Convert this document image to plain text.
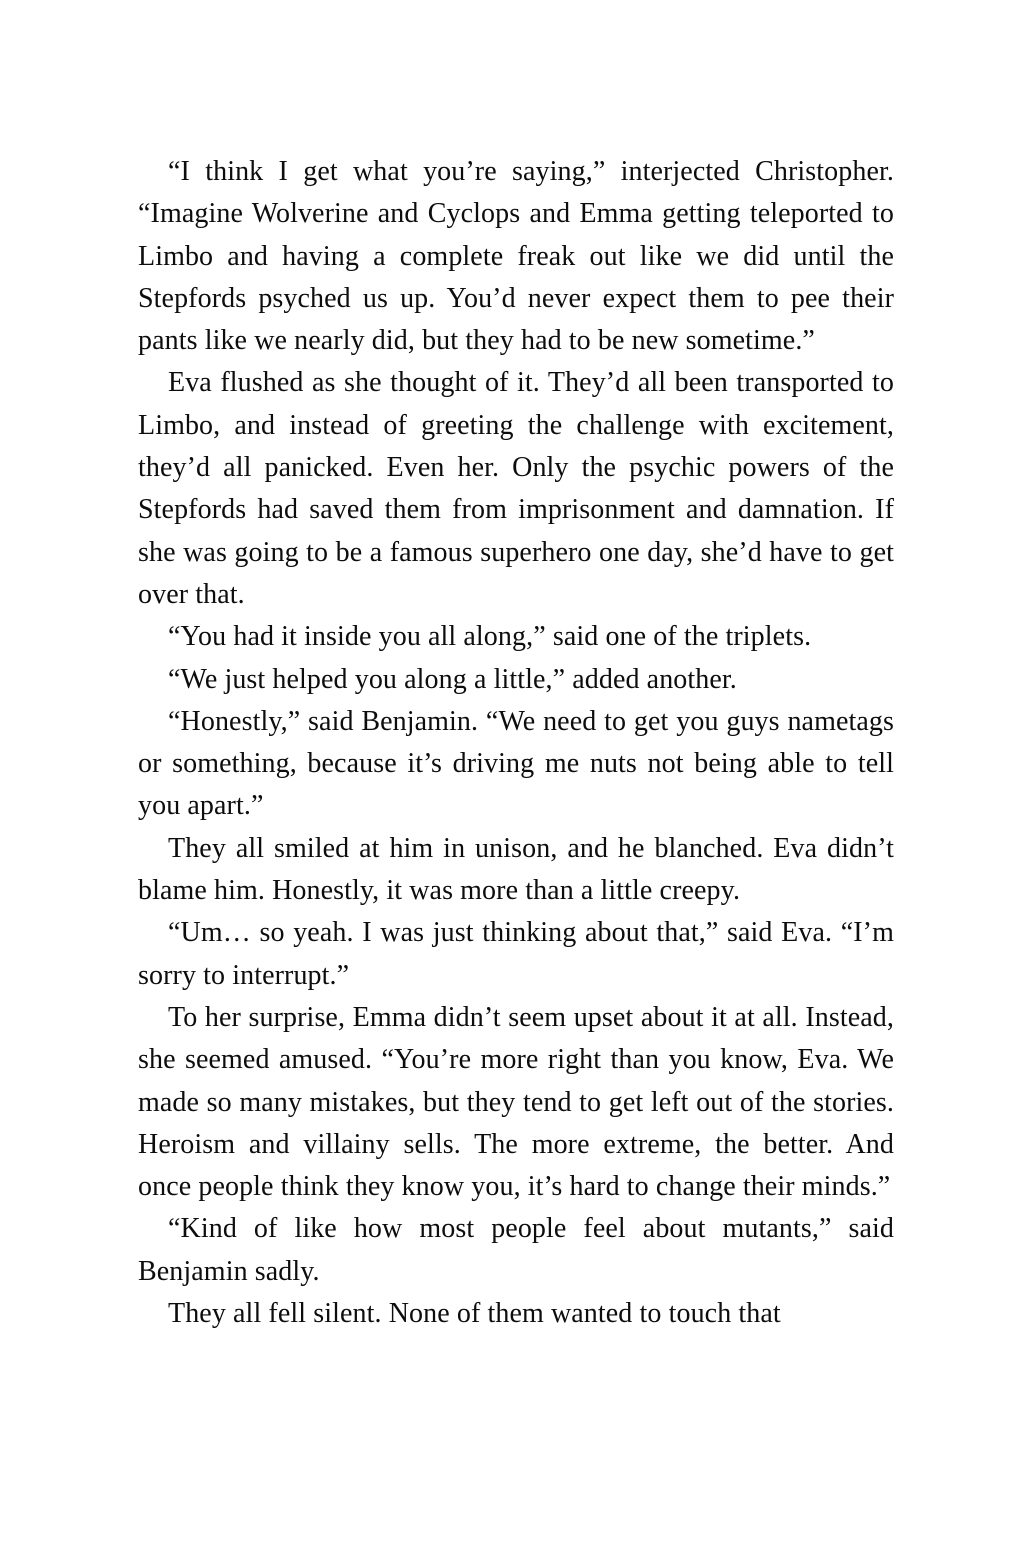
“I think I get what you’re saying,” interjected Christopher. “Imagine Wolverine and Cyclops and Emma getting teleported to Limbo and having a complete freak out like we did until the Stepfords psyched us up. You’d never expect them to pee their pants like we nearly did, but they had to be new sometime.”

Eva flushed as she thought of it. They’d all been transported to Limbo, and instead of greeting the challenge with excitement, they’d all panicked. Even her. Only the psychic powers of the Stepfords had saved them from imprisonment and damnation. If she was going to be a famous superhero one day, she’d have to get over that.

“You had it inside you all along,” said one of the triplets.

“We just helped you along a little,” added another.

“Honestly,” said Benjamin. “We need to get you guys nametags or something, because it’s driving me nuts not being able to tell you apart.”

They all smiled at him in unison, and he blanched. Eva didn’t blame him. Honestly, it was more than a little creepy.

“Um… so yeah. I was just thinking about that,” said Eva. “I’m sorry to interrupt.”

To her surprise, Emma didn’t seem upset about it at all. Instead, she seemed amused. “You’re more right than you know, Eva. We made so many mistakes, but they tend to get left out of the stories. Heroism and villainy sells. The more extreme, the better. And once people think they know you, it’s hard to change their minds.”

“Kind of like how most people feel about mutants,” said Benjamin sadly.

They all fell silent. None of them wanted to touch that
